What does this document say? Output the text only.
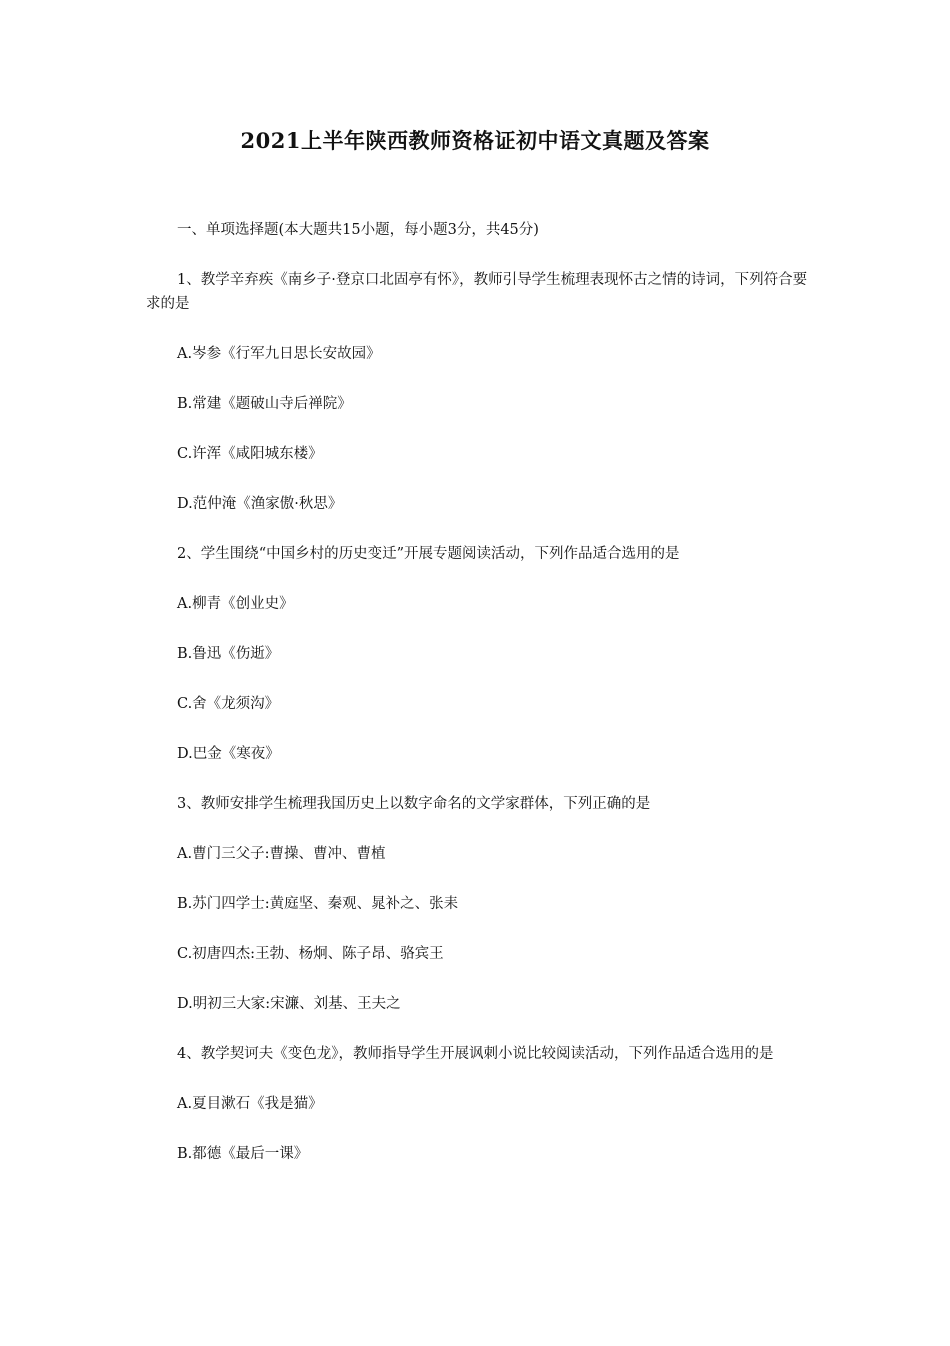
2021上半年陕西教师资格证初中语文真题及答案

一、单项选择题(本大题共15小题，每小题3分，共45分)

1、教学辛弃疾《南乡子·登京口北固亭有怀》，教师引导学生梳理表现怀古之情的诗词，下列符合要求的是

A.岑参《行军九日思长安故园》

B.常建《题破山寺后禅院》

C.许浑《咸阳城东楼》

D.范仲淹《渔家傲·秋思》

2、学生围绕“中国乡村的历史变迁”开展专题阅读活动，下列作品适合选用的是

A.柳青《创业史》

B.鲁迅《伤逝》

C.舍《龙须沟》

D.巴金《寒夜》

3、教师安排学生梳理我国历史上以数字命名的文学家群体，下列正确的是

A.曹门三父子:曹操、曹冲、曹植

B.苏门四学士:黄庭坚、秦观、晁补之、张耒

C.初唐四杰:王勃、杨炯、陈子昂、骆宾王

D.明初三大家:宋濂、刘基、王夫之

4、教学契诃夫《变色龙》，教师指导学生开展讽刺小说比较阅读活动，下列作品适合选用的是

A.夏目漱石《我是猫》

B.都德《最后一课》
